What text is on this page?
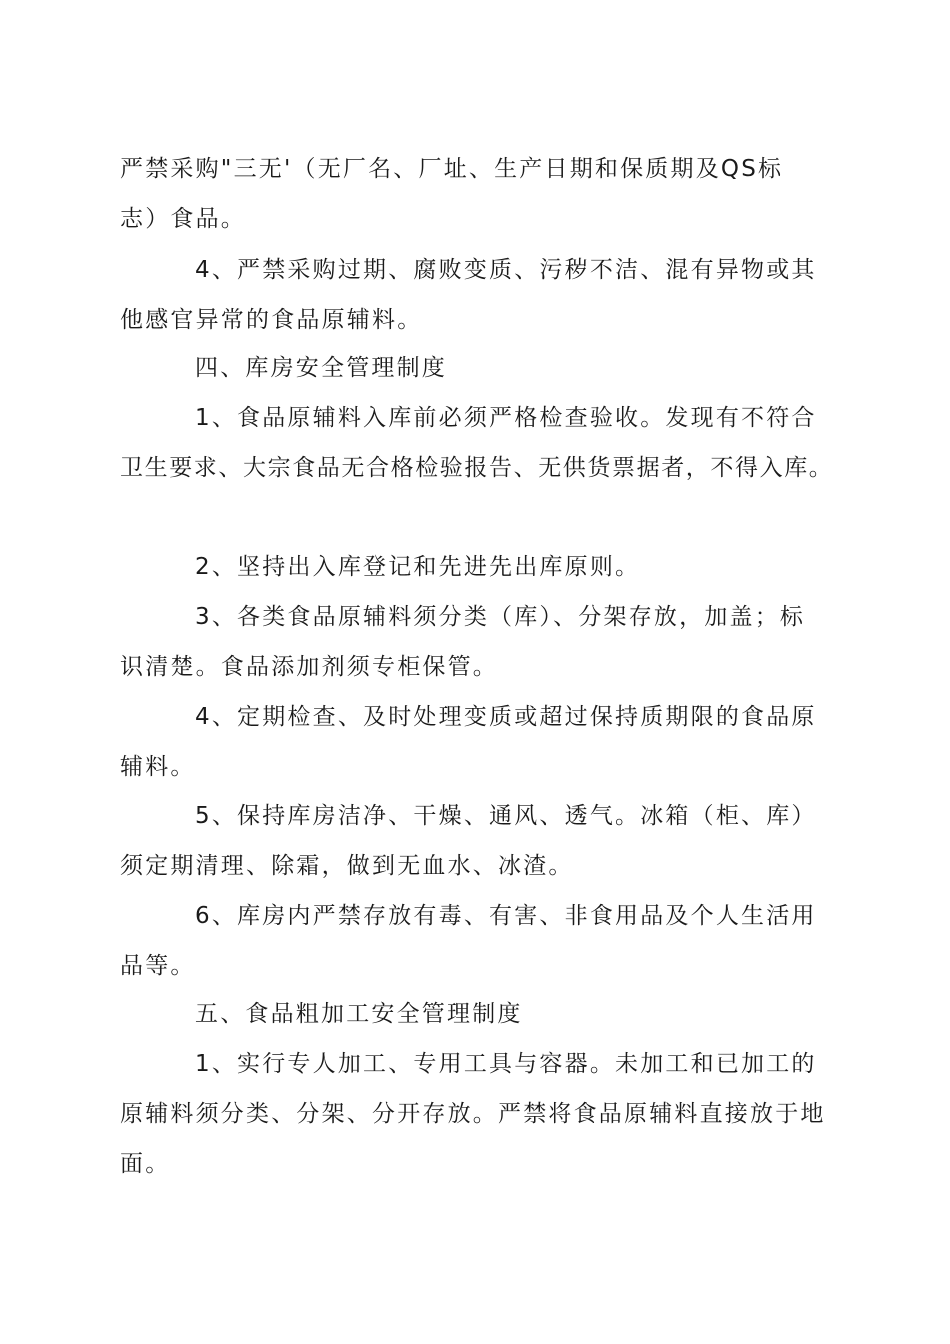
严禁采购"三无'（无厂名、厂址、生产日期和保质期及QS标

志）食品。

4、严禁采购过期、腐败变质、污秽不洁、混有异物或其

他感官异常的食品原辅料。

四、库房安全管理制度

1、食品原辅料入库前必须严格检查验收。发现有不符合

卫生要求、大宗食品无合格检验报告、无供货票据者，不得入库。

2、坚持出入库登记和先进先出库原则。

3、各类食品原辅料须分类（库）、分架存放，加盖；标

识清楚。食品添加剂须专柜保管。

4、定期检查、及时处理变质或超过保持质期限的食品原

辅料。

5、保持库房洁净、干燥、通风、透气。冰箱（柜、库）

须定期清理、除霜，做到无血水、冰渣。

6、库房内严禁存放有毒、有害、非食用品及个人生活用

品等。

五、食品粗加工安全管理制度

1、实行专人加工、专用工具与容器。未加工和已加工的

原辅料须分类、分架、分开存放。严禁将食品原辅料直接放于地

面。
